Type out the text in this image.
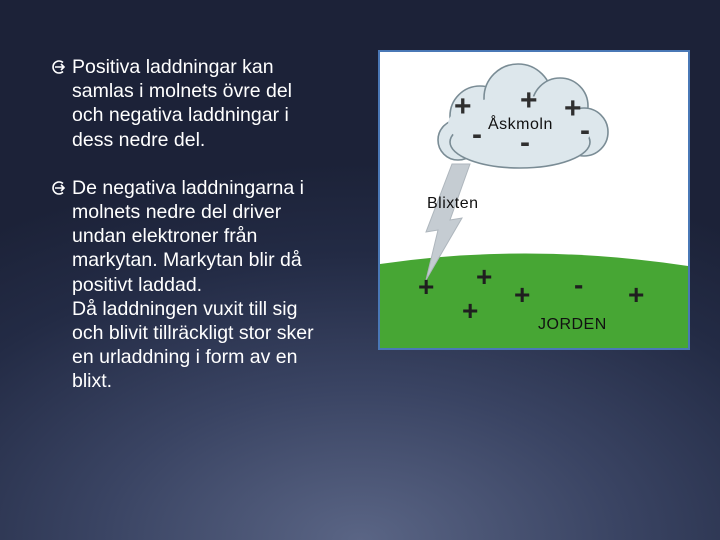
Positiva laddningar kan
samlas i molnets övre del
och negativa laddningar i
dess nedre del.
De negativa laddningarna i
molnets nedre del driver
undan elektroner från
markytan. Markytan blir då
positivt laddad.
Då laddningen vuxit till sig
och blivit tillräckligt stor sker
en urladdning i form av en
blixt.
+ + +
- - -
+ +
+
+ - +
Åskmoln
Blixten
JORDEN
